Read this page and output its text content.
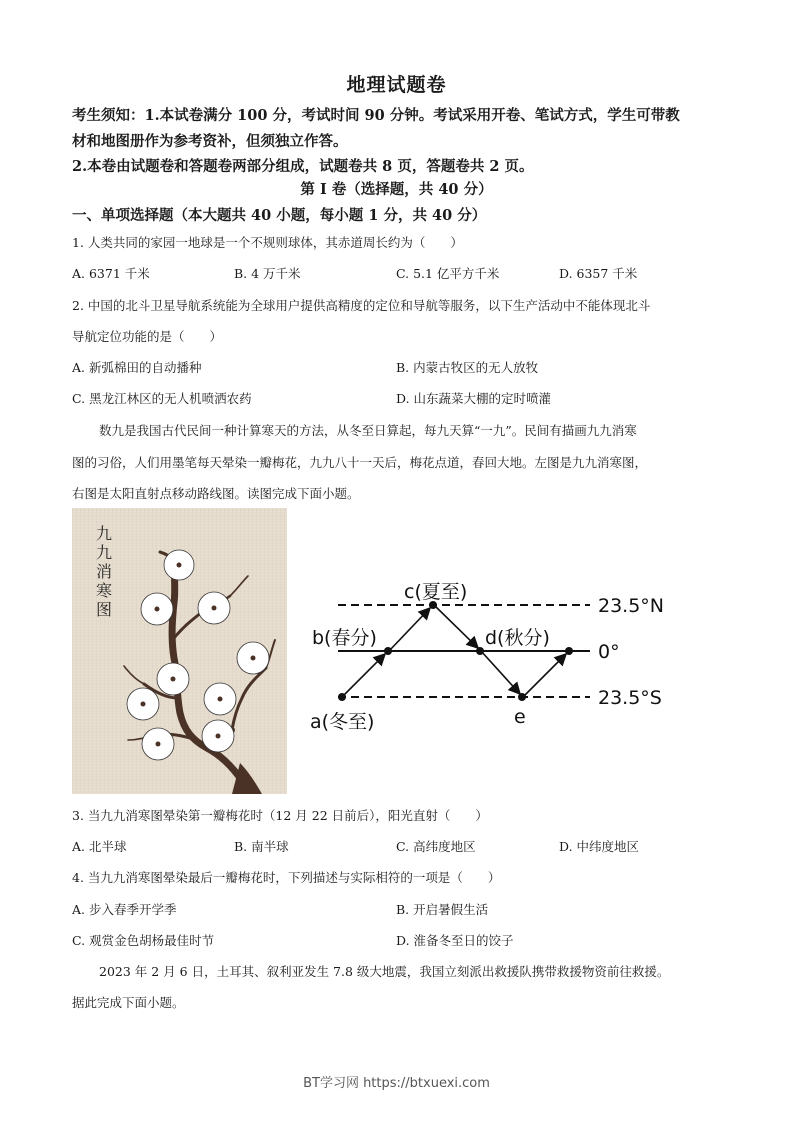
地理试题卷
考生须知：1.本试卷满分 100 分，考试时间 90 分钟。考试采用开卷、笔试方式，学生可带教
材和地图册作为参考资补，但须独立作答。
2.本卷由试题卷和答题卷两部分组成，试题卷共 8 页，答题卷共 2 页。
第 I 卷（选择题，共 40 分）
一、单项选择题（本大题共 40 小题，每小题 1 分，共 40 分）
1. 人类共同的家园一地球是一个不规则球体，其赤道周长约为（　　）
A. 6371 千米	B. 4 万千米	C. 5.1 亿平方千米	D. 6357 千米
2. 中国的北斗卫星导航系统能为全球用户提供高精度的定位和导航等服务，以下生产活动中不能体现北斗
导航定位功能的是（　　）
A. 新弧棉田的自动播种	B. 内蒙古牧区的无人放牧
C. 黑龙江林区的无人机喷洒农药	D. 山东蔬菜大棚的定时喷灌
数九是我国古代民间一种计算寒天的方法，从冬至日算起，每九天算“一九”。民间有描画九九消寒
图的习俗，人们用墨笔每天晕染一瓣梅花，九九八十一天后，梅花点道，春回大地。左图是九九消寒图，
右图是太阳直射点移动路线图。读图完成下面小题。
九九消寒图
c(夏至)
b(春分)	d(秋分)
a(冬至)	e
23.5°N
0°
23.5°S
3. 当九九消寒图晕染第一瓣梅花时（12 月 22 日前后），阳光直射（　　）
A. 北半球	B. 南半球	C. 高纬度地区	D. 中纬度地区
4. 当九九消寒图晕染最后一瓣梅花时，下列描述与实际相符的一项是（　　）
A. 步入春季开学季	B. 开启暑假生活
C. 观赏金色胡杨最佳时节	D. 淮备冬至日的饺子
2023 年 2 月 6 日，土耳其、叙利亚发生 7.8 级大地震，我国立刻派出救援队携带救援物资前往救援。
据此完成下面小题。
BT学习网 https://btxuexi.com
